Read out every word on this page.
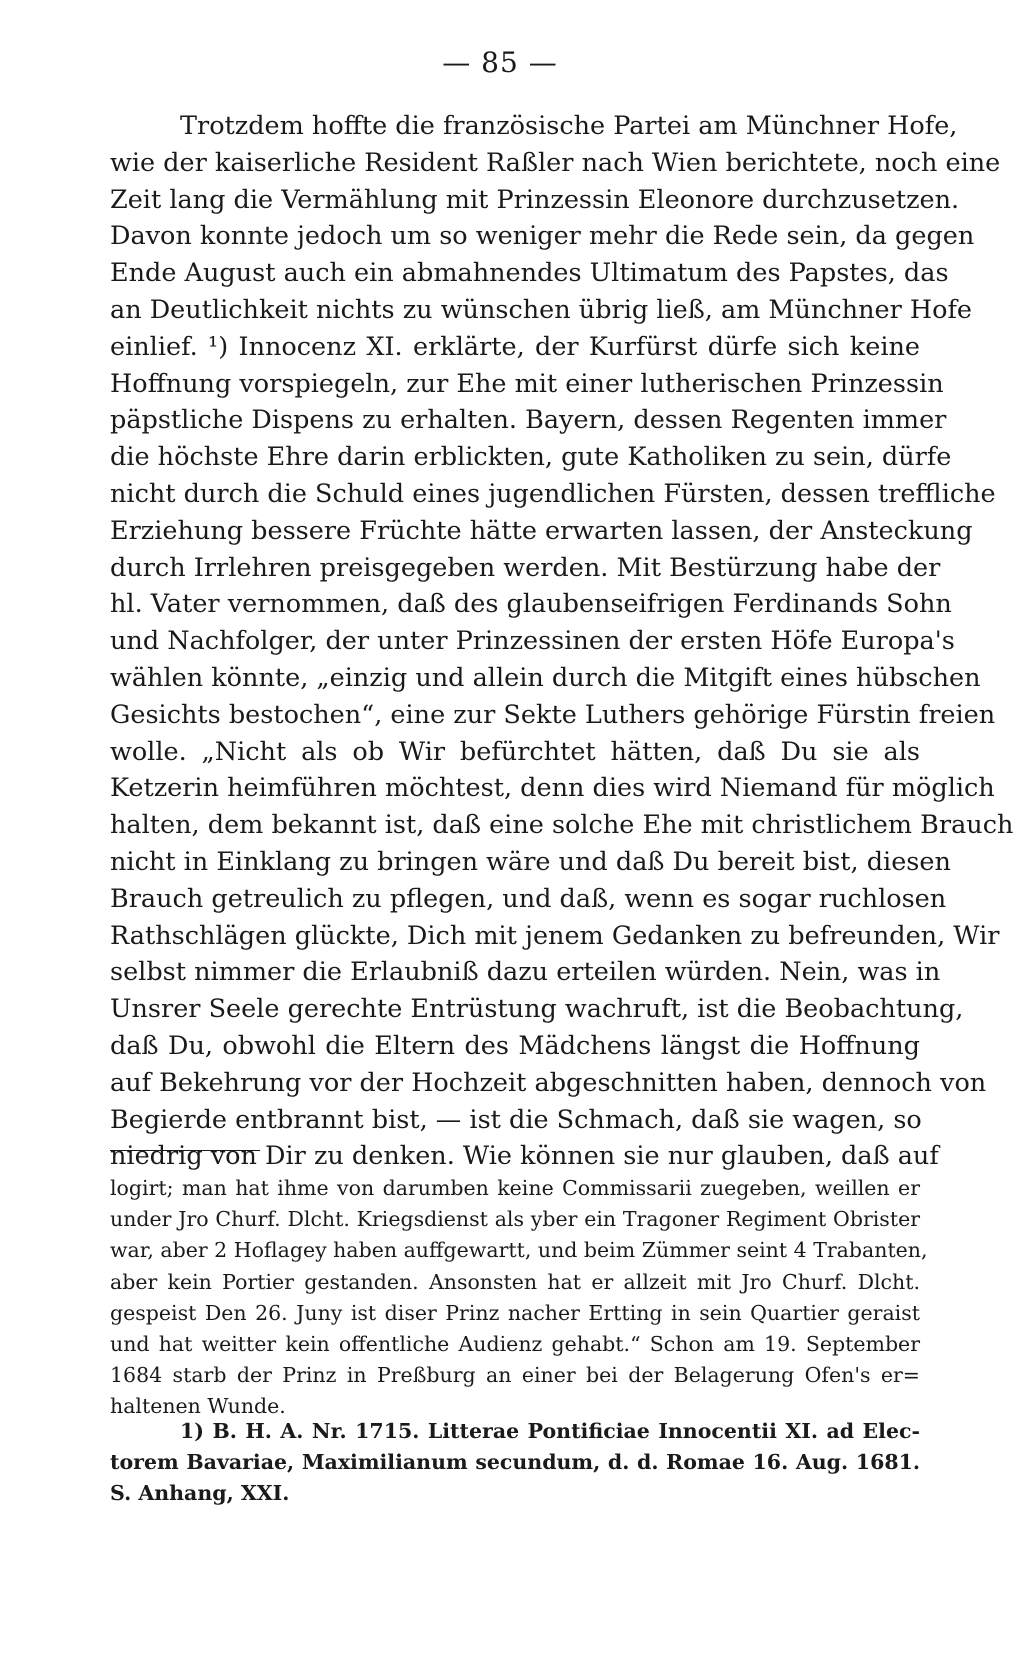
— 85 —
Trotzdem hoffte die französische Partei am Münchner Hofe,
wie der kaiserliche Resident Raßler nach Wien berichtete, noch eine
Zeit lang die Vermählung mit Prinzessin Eleonore durchzusetzen.
Davon konnte jedoch um so weniger mehr die Rede sein, da gegen
Ende August auch ein abmahnendes Ultimatum des Papstes, das
an Deutlichkeit nichts zu wünschen übrig ließ, am Münchner Hofe
einlief. ¹) Innocenz XI. erklärte, der Kurfürst dürfe sich keine
Hoffnung vorspiegeln, zur Ehe mit einer lutherischen Prinzessin
päpstliche Dispens zu erhalten. Bayern, dessen Regenten immer
die höchste Ehre darin erblickten, gute Katholiken zu sein, dürfe
nicht durch die Schuld eines jugendlichen Fürsten, dessen treffliche
Erziehung bessere Früchte hätte erwarten lassen, der Ansteckung
durch Irrlehren preisgegeben werden. Mit Bestürzung habe der
hl. Vater vernommen, daß des glaubenseifrigen Ferdinands Sohn
und Nachfolger, der unter Prinzessinen der ersten Höfe Europa's
wählen könnte, „einzig und allein durch die Mitgift eines hübschen
Gesichts bestochen“, eine zur Sekte Luthers gehörige Fürstin freien
wolle. „Nicht als ob Wir befürchtet hätten, daß Du sie als
Ketzerin heimführen möchtest, denn dies wird Niemand für möglich
halten, dem bekannt ist, daß eine solche Ehe mit christlichem Brauch
nicht in Einklang zu bringen wäre und daß Du bereit bist, diesen
Brauch getreulich zu pflegen, und daß, wenn es sogar ruchlosen
Rathschlägen glückte, Dich mit jenem Gedanken zu befreunden, Wir
selbst nimmer die Erlaubniß dazu erteilen würden. Nein, was in
Unsrer Seele gerechte Entrüstung wachruft, ist die Beobachtung,
daß Du, obwohl die Eltern des Mädchens längst die Hoffnung
auf Bekehrung vor der Hochzeit abgeschnitten haben, dennoch von
Begierde entbrannt bist, — ist die Schmach, daß sie wagen, so
niedrig von Dir zu denken. Wie können sie nur glauben, daß auf
logirt; man hat ihme von darumben keine Commissarii zuegeben, weillen er
under Jro Churf. Dlcht. Kriegsdienst als yber ein Tragoner Regiment Obrister
war, aber 2 Hoflagey haben auffgewartt, und beim Zümmer seint 4 Trabanten,
aber kein Portier gestanden. Ansonsten hat er allzeit mit Jro Churf. Dlcht.
gespeist Den 26. Juny ist diser Prinz nacher Ertting in sein Quartier geraist
und hat weitter kein offentliche Audienz gehabt.“ Schon am 19. September
1684 starb der Prinz in Preßburg an einer bei der Belagerung Ofen's er=
haltenen Wunde.
1) B. H. A. Nr. 1715. Litterae Pontificiae Innocentii XI. ad Elec-
torem Bavariae, Maximilianum secundum, d. d. Romae 16. Aug. 1681.
S. Anhang, XXI.
